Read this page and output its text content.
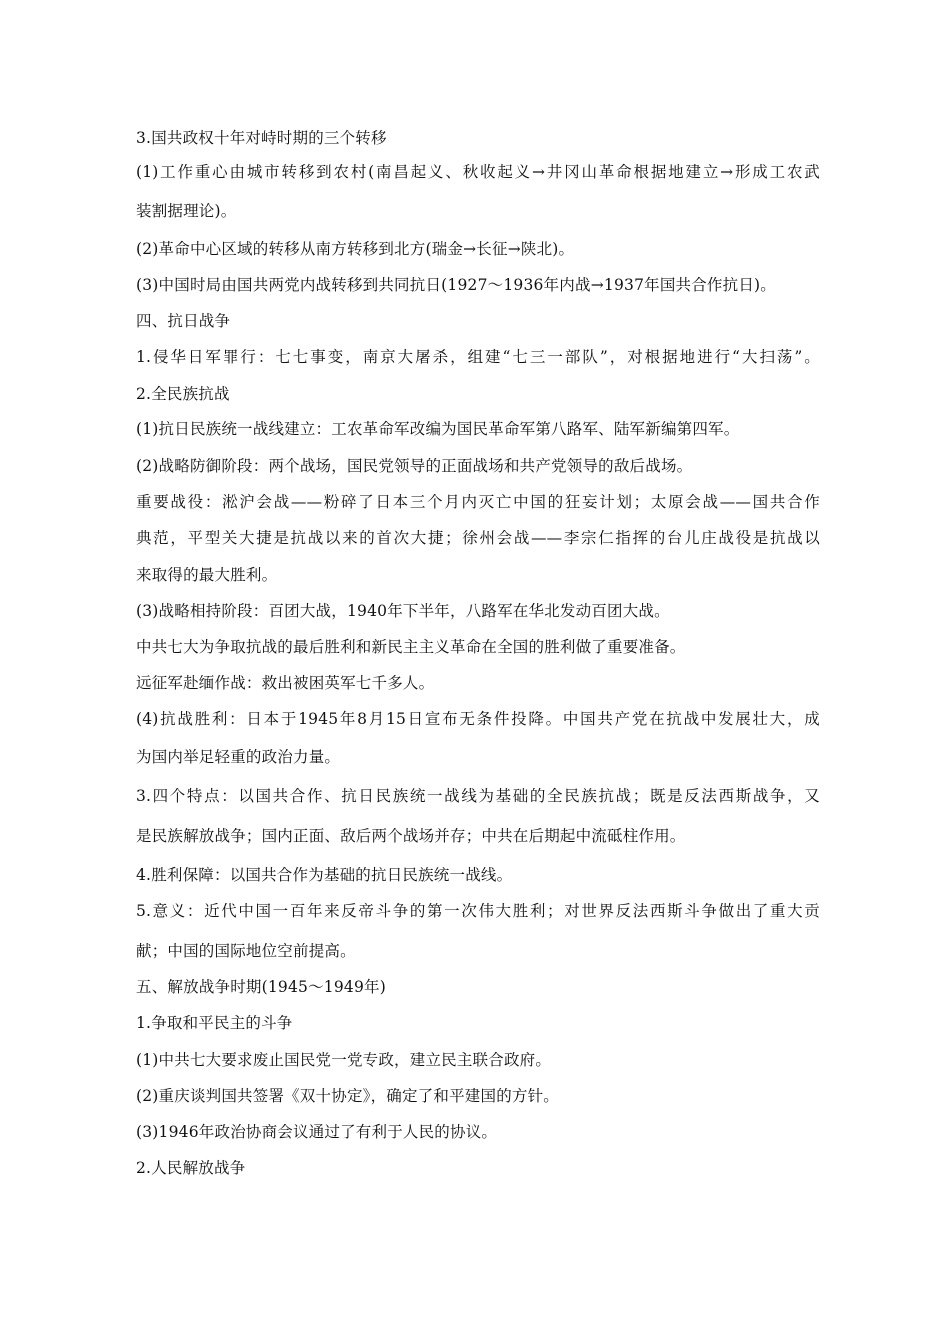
3.国共政权十年对峙时期的三个转移
(1)工作重心由城市转移到农村(南昌起义、秋收起义→井冈山革命根据地建立→形成工农武
装割据理论)。
(2)革命中心区域的转移从南方转移到北方(瑞金→长征→陕北)。
(3)中国时局由国共两党内战转移到共同抗日(1927～1936年内战→1937年国共合作抗日)。
四、抗日战争
1.侵华日军罪行：七七事变，南京大屠杀，组建“七三一部队”，对根据地进行“大扫荡”。
2.全民族抗战
(1)抗日民族统一战线建立：工农革命军改编为国民革命军第八路军、陆军新编第四军。
(2)战略防御阶段：两个战场，国民党领导的正面战场和共产党领导的敌后战场。
重要战役：淞沪会战——粉碎了日本三个月内灭亡中国的狂妄计划；太原会战——国共合作
典范，平型关大捷是抗战以来的首次大捷；徐州会战——李宗仁指挥的台儿庄战役是抗战以
来取得的最大胜利。
(3)战略相持阶段：百团大战，1940年下半年，八路军在华北发动百团大战。
中共七大为争取抗战的最后胜利和新民主主义革命在全国的胜利做了重要准备。
远征军赴缅作战：救出被困英军七千多人。
(4)抗战胜利：日本于1945年8月15日宣布无条件投降。中国共产党在抗战中发展壮大，成
为国内举足轻重的政治力量。
3.四个特点：以国共合作、抗日民族统一战线为基础的全民族抗战；既是反法西斯战争，又
是民族解放战争；国内正面、敌后两个战场并存；中共在后期起中流砥柱作用。
4.胜利保障：以国共合作为基础的抗日民族统一战线。
5.意义：近代中国一百年来反帝斗争的第一次伟大胜利；对世界反法西斯斗争做出了重大贡
献；中国的国际地位空前提高。
五、解放战争时期(1945～1949年)
1.争取和平民主的斗争
(1)中共七大要求废止国民党一党专政，建立民主联合政府。
(2)重庆谈判国共签署《双十协定》，确定了和平建国的方针。
(3)1946年政治协商会议通过了有利于人民的协议。
2.人民解放战争
